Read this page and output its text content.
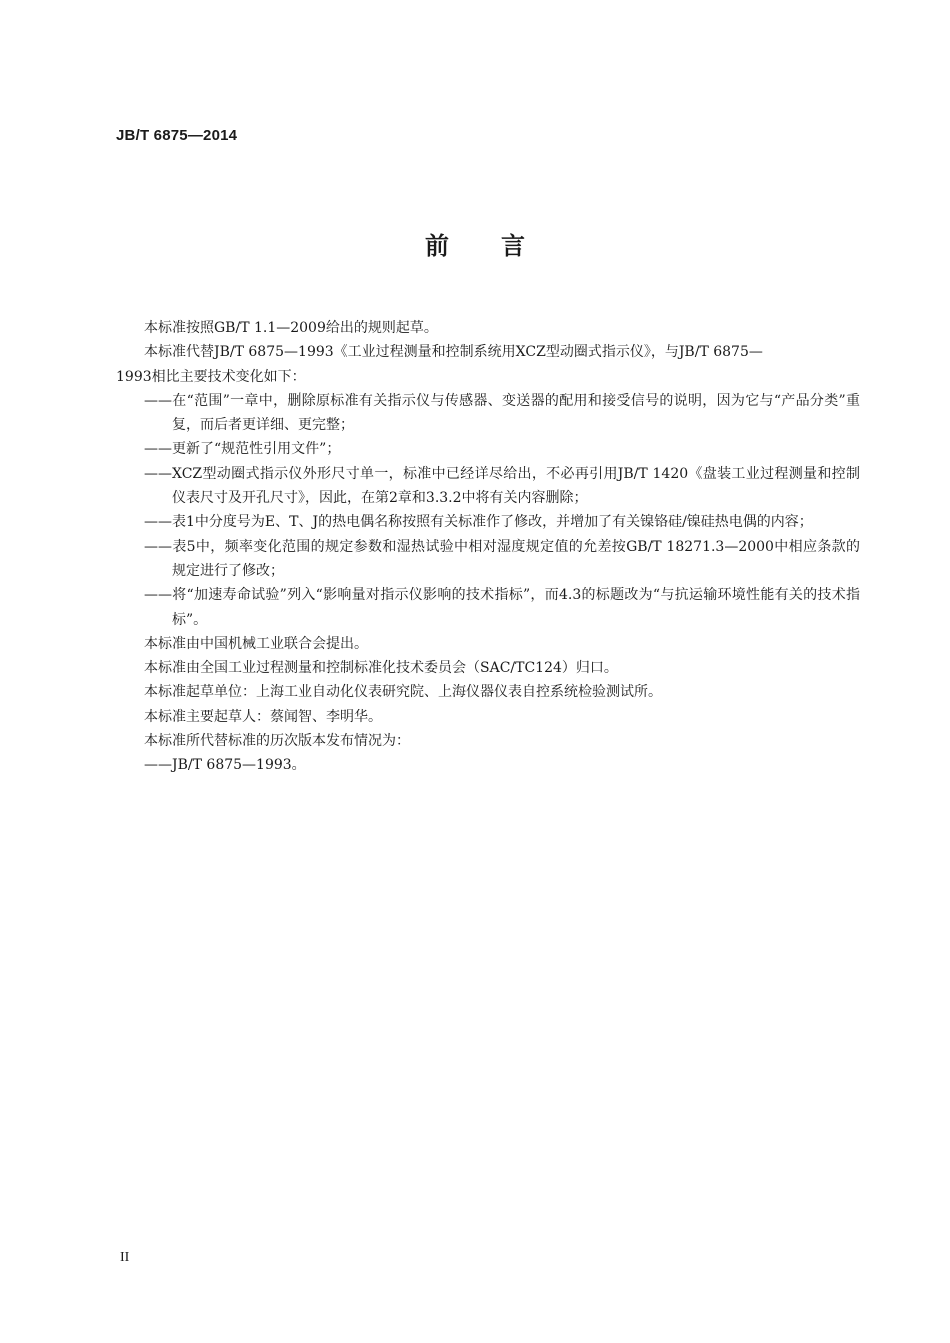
JB/T 6875—2014
前 言
本标准按照GB/T 1.1—2009给出的规则起草。
本标准代替JB/T 6875—1993《工业过程测量和控制系统用XCZ型动圈式指示仪》，与JB/T 6875—
1993相比主要技术变化如下：
——在“范围”一章中，删除原标准有关指示仪与传感器、变送器的配用和接受信号的说明，因为它与“产品分类”重复，而后者更详细、更完整；
——更新了“规范性引用文件”；
——XCZ型动圈式指示仪外形尺寸单一，标准中已经详尽给出，不必再引用JB/T 1420《盘装工业过程测量和控制仪表尺寸及开孔尺寸》，因此，在第2章和3.3.2中将有关内容删除；
——表1中分度号为E、T、J的热电偶名称按照有关标准作了修改，并增加了有关镍铬硅/镍硅热电偶的内容；
——表5中，频率变化范围的规定参数和湿热试验中相对湿度规定值的允差按GB/T 18271.3—2000中相应条款的规定进行了修改；
——将“加速寿命试验”列入“影响量对指示仪影响的技术指标”，而4.3的标题改为“与抗运输环境性能有关的技术指标”。
本标准由中国机械工业联合会提出。
本标准由全国工业过程测量和控制标准化技术委员会（SAC/TC124）归口。
本标准起草单位：上海工业自动化仪表研究院、上海仪器仪表自控系统检验测试所。
本标准主要起草人：蔡闻智、李明华。
本标准所代替标准的历次版本发布情况为：
——JB/T 6875—1993。
II
